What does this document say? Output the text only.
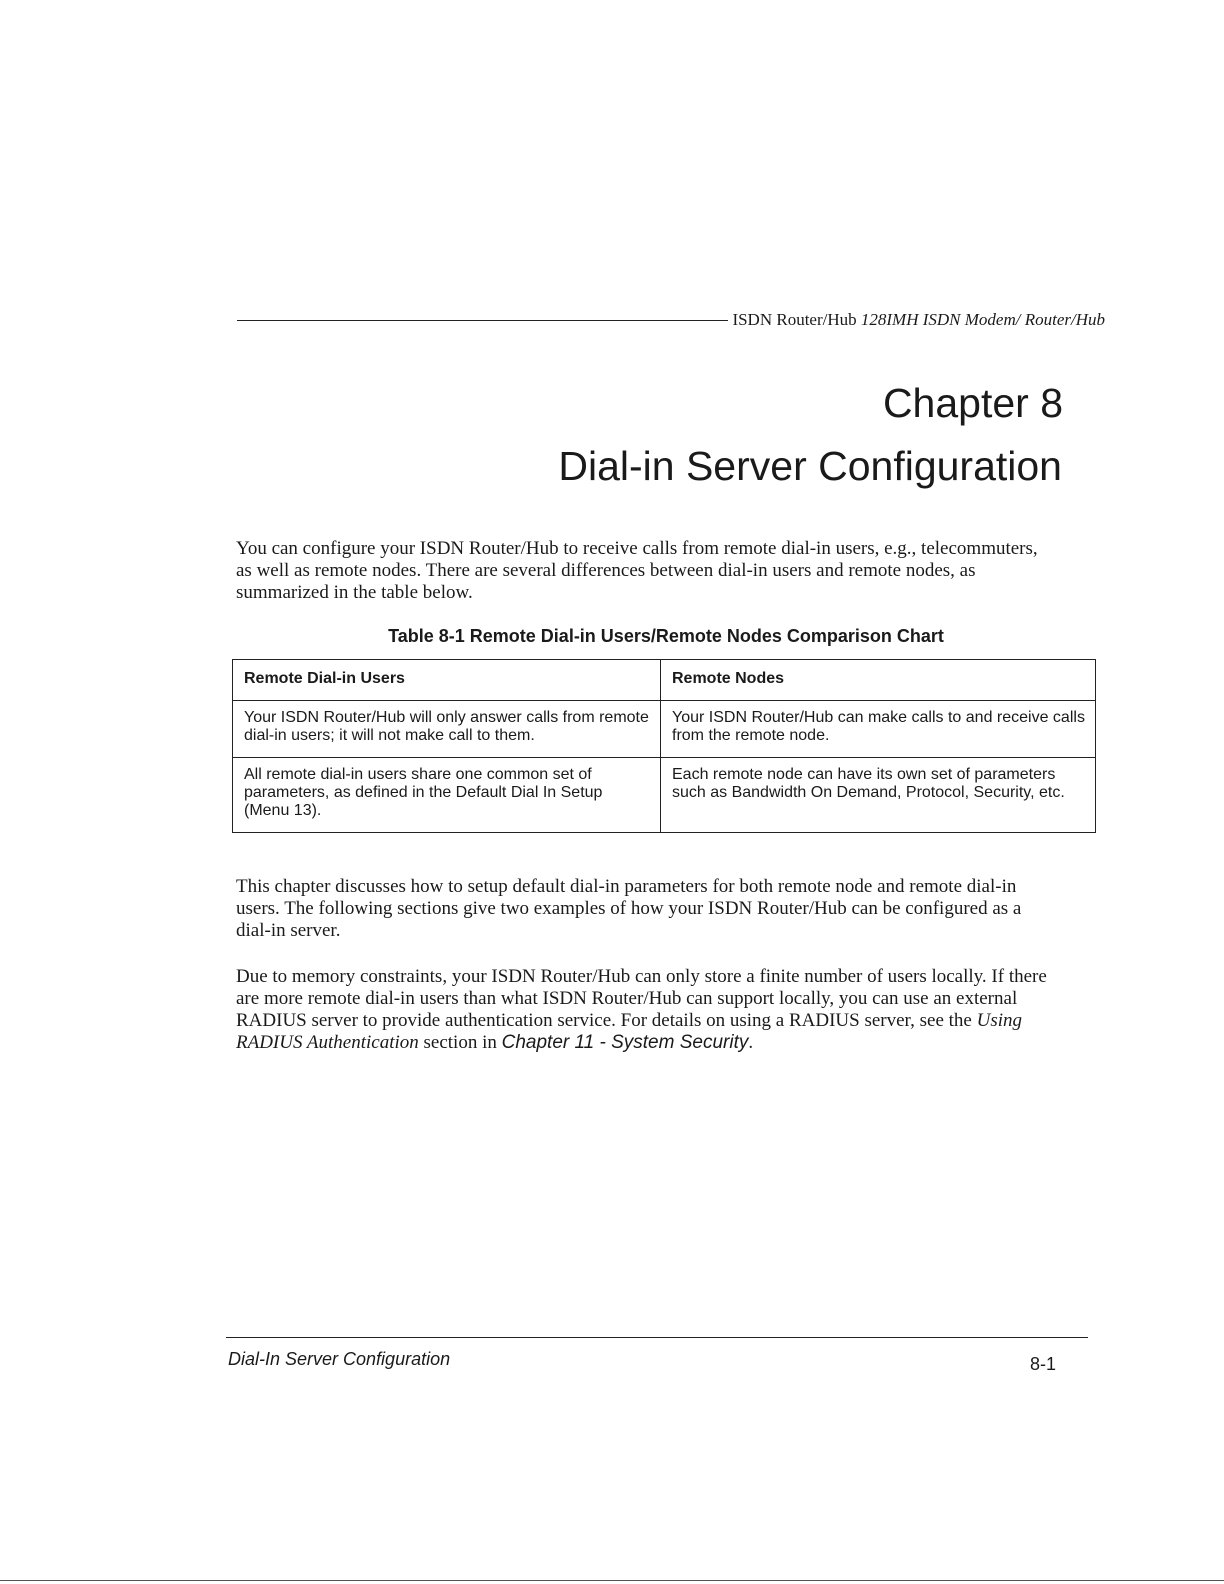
ISDN Router/Hub 128IMH ISDN Modem/ Router/Hub
Chapter 8
Dial-in Server Configuration

You can configure your ISDN Router/Hub to receive calls from remote dial-in users, e.g., telecommuters, as well as remote nodes. There are several differences between dial-in users and remote nodes, as summarized in the table below.

Table 8-1 Remote Dial-in Users/Remote Nodes Comparison Chart
Remote Dial-in Users	Remote Nodes
Your ISDN Router/Hub will only answer calls from remote dial-in users; it will not make call to them.	Your ISDN Router/Hub can make calls to and receive calls from the remote node.
All remote dial-in users share one common set of parameters, as defined in the Default Dial In Setup (Menu 13).	Each remote node can have its own set of parameters such as Bandwidth On Demand, Protocol, Security, etc.

This chapter discusses how to setup default dial-in parameters for both remote node and remote dial-in users. The following sections give two examples of how your ISDN Router/Hub can be configured as a dial-in server.

Due to memory constraints, your ISDN Router/Hub can only store a finite number of users locally. If there are more remote dial-in users than what ISDN Router/Hub can support locally, you can use an external RADIUS server to provide authentication service. For details on using a RADIUS server, see the Using RADIUS Authentication section in Chapter 11 - System Security.

Dial-In Server Configuration	8-1
